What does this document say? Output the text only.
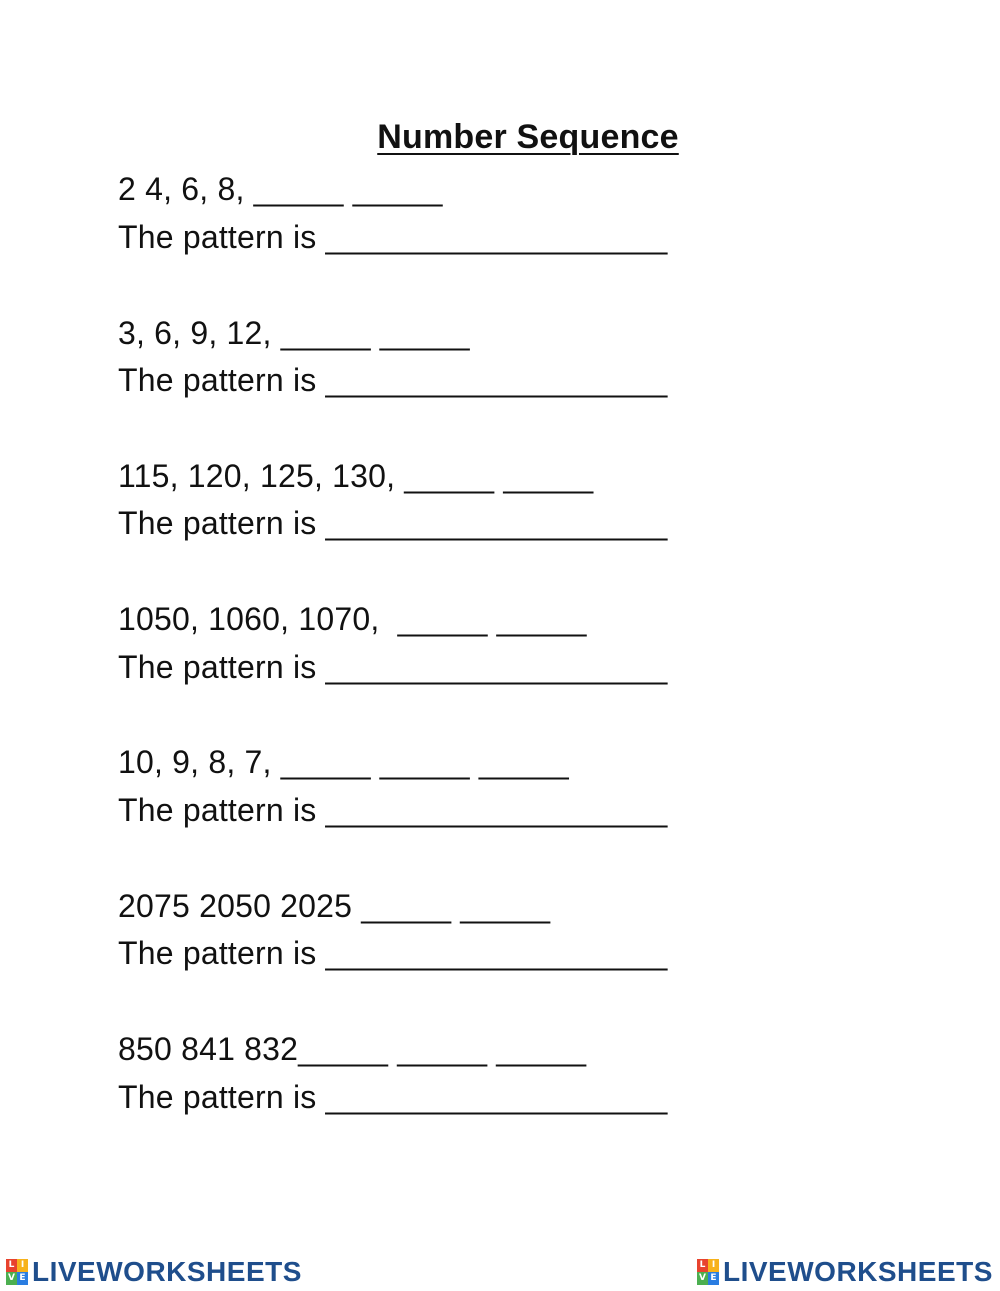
Number Sequence
2 4, 6, 8, _____ _____
The pattern is ___________________
3, 6, 9, 12, _____ _____
The pattern is ___________________
115, 120, 125, 130, _____ _____
The pattern is ___________________
1050, 1060, 1070,  _____ _____
The pattern is ___________________
10, 9, 8, 7, _____ _____ _____
The pattern is ___________________
2075 2050 2025 _____ _____
The pattern is ___________________
850 841 832_____ _____ _____
The pattern is ___________________
L I
V E LIVEWORKSHEETS	L I
V E LIVEWORKSHEETS
